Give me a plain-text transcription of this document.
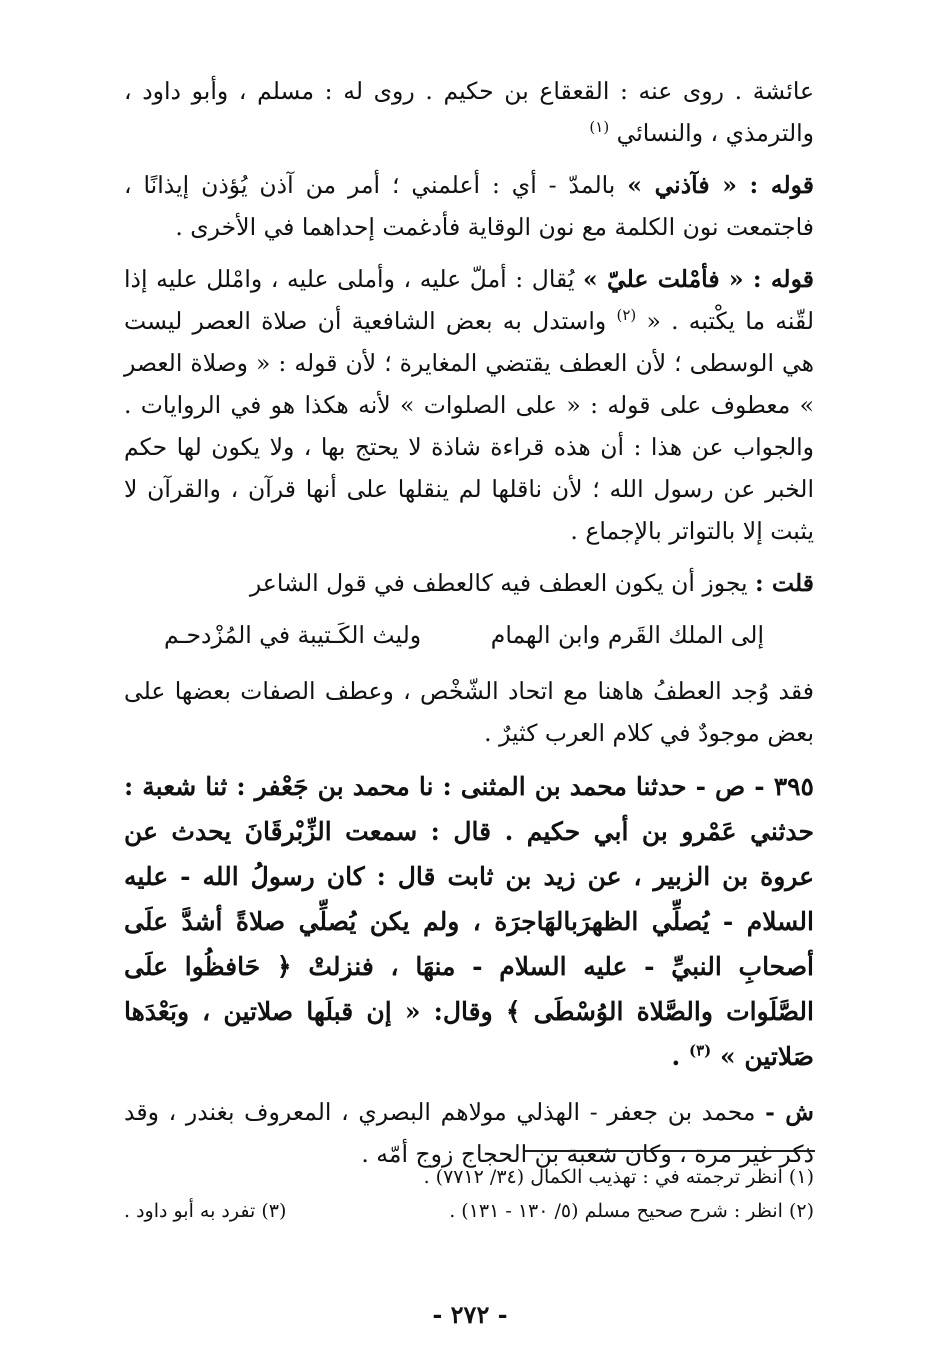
عائشة . روى عنه : القعقاع بن حكيم . روى له : مسلم ، وأبو داود ، والترمذي ، والنسائي $^{(١)}$

قوله : « فآذني » بالمدّ - أي : أعلمني ؛ أمر من آذن يُؤذن إيذانًا ، فاجتمعت نون الكلمة مع نون الوقاية فأدغمت إحداهما في الأخرى .

قوله : « فأمْلت عليّ » يُقال : أملّ عليه ، وأملى عليه ، وامْلل عليه إذا لقّنه ما يكْتبه . « $^{(٢)}$ واستدل به بعض الشافعية أن صلاة العصر ليست هي الوسطى ؛ لأن العطف يقتضي المغايرة ؛ لأن قوله : « وصلاة العصر » معطوف على قوله : « على الصلوات » لأنه هكذا هو في الروايات . والجواب عن هذا : أن هذه قراءة شاذة لا يحتج بها ، ولا يكون لها حكم الخبر عن رسول الله ؛ لأن ناقلها لم ينقلها على أنها قرآن ، والقرآن لا يثبت إلا بالتواتر بالإجماع .

قلت : يجوز أن يكون العطف فيه كالعطف في قول الشاعر

إلى الملك القَرم وابن الهمام
وليث الكَـتيبة في المُزْدحـم

فقد وُجد العطفُ هاهنا مع اتحاد الشّخْص ، وعطف الصفات بعضها على بعض موجودٌ في كلام العرب كثيرٌ .

٣٩٥ - ص - حدثنا محمد بن المثنى : نا محمد بن جَعْفر : ثنا شعبة : حدثني عَمْرو بن أبي حكيم . قال : سمعت الزِّبْرقَانَ يحدث عن عروة بن الزبير ، عن زيد بن ثابت قال : كان رسولُ الله - عليه السلام - يُصلِّي الظهرَبالهَاجرَة ، ولم يكن يُصلِّي صلاةً أشدَّ علَى أصحابِ النبيِّ - عليه السلام - منهَا ، فنزلتْ ﴿ حَافظُوا علَى الصَّلَوات والصَّلاة الوُسْطَى ﴾ وقال: « إن قبلَها صلاتين ، وبَعْدَها صَلاتين » $^{(٣)}$ .

ش - محمد بن جعفر - الهذلي مولاهم البصري ، المعروف بغندر ، وقد ذكر غير مرة ، وكان شعبة بن الحجاج زوج أمّه .

(١) انظر ترجمته في : تهذيب الكمال (٣٤/ ٧٧١٢) .
(٢) انظر : شرح صحيح مسلم (٥/ ١٣٠ - ١٣١) .
(٣) تفرد به أبو داود .
- ٢٧٢ -
